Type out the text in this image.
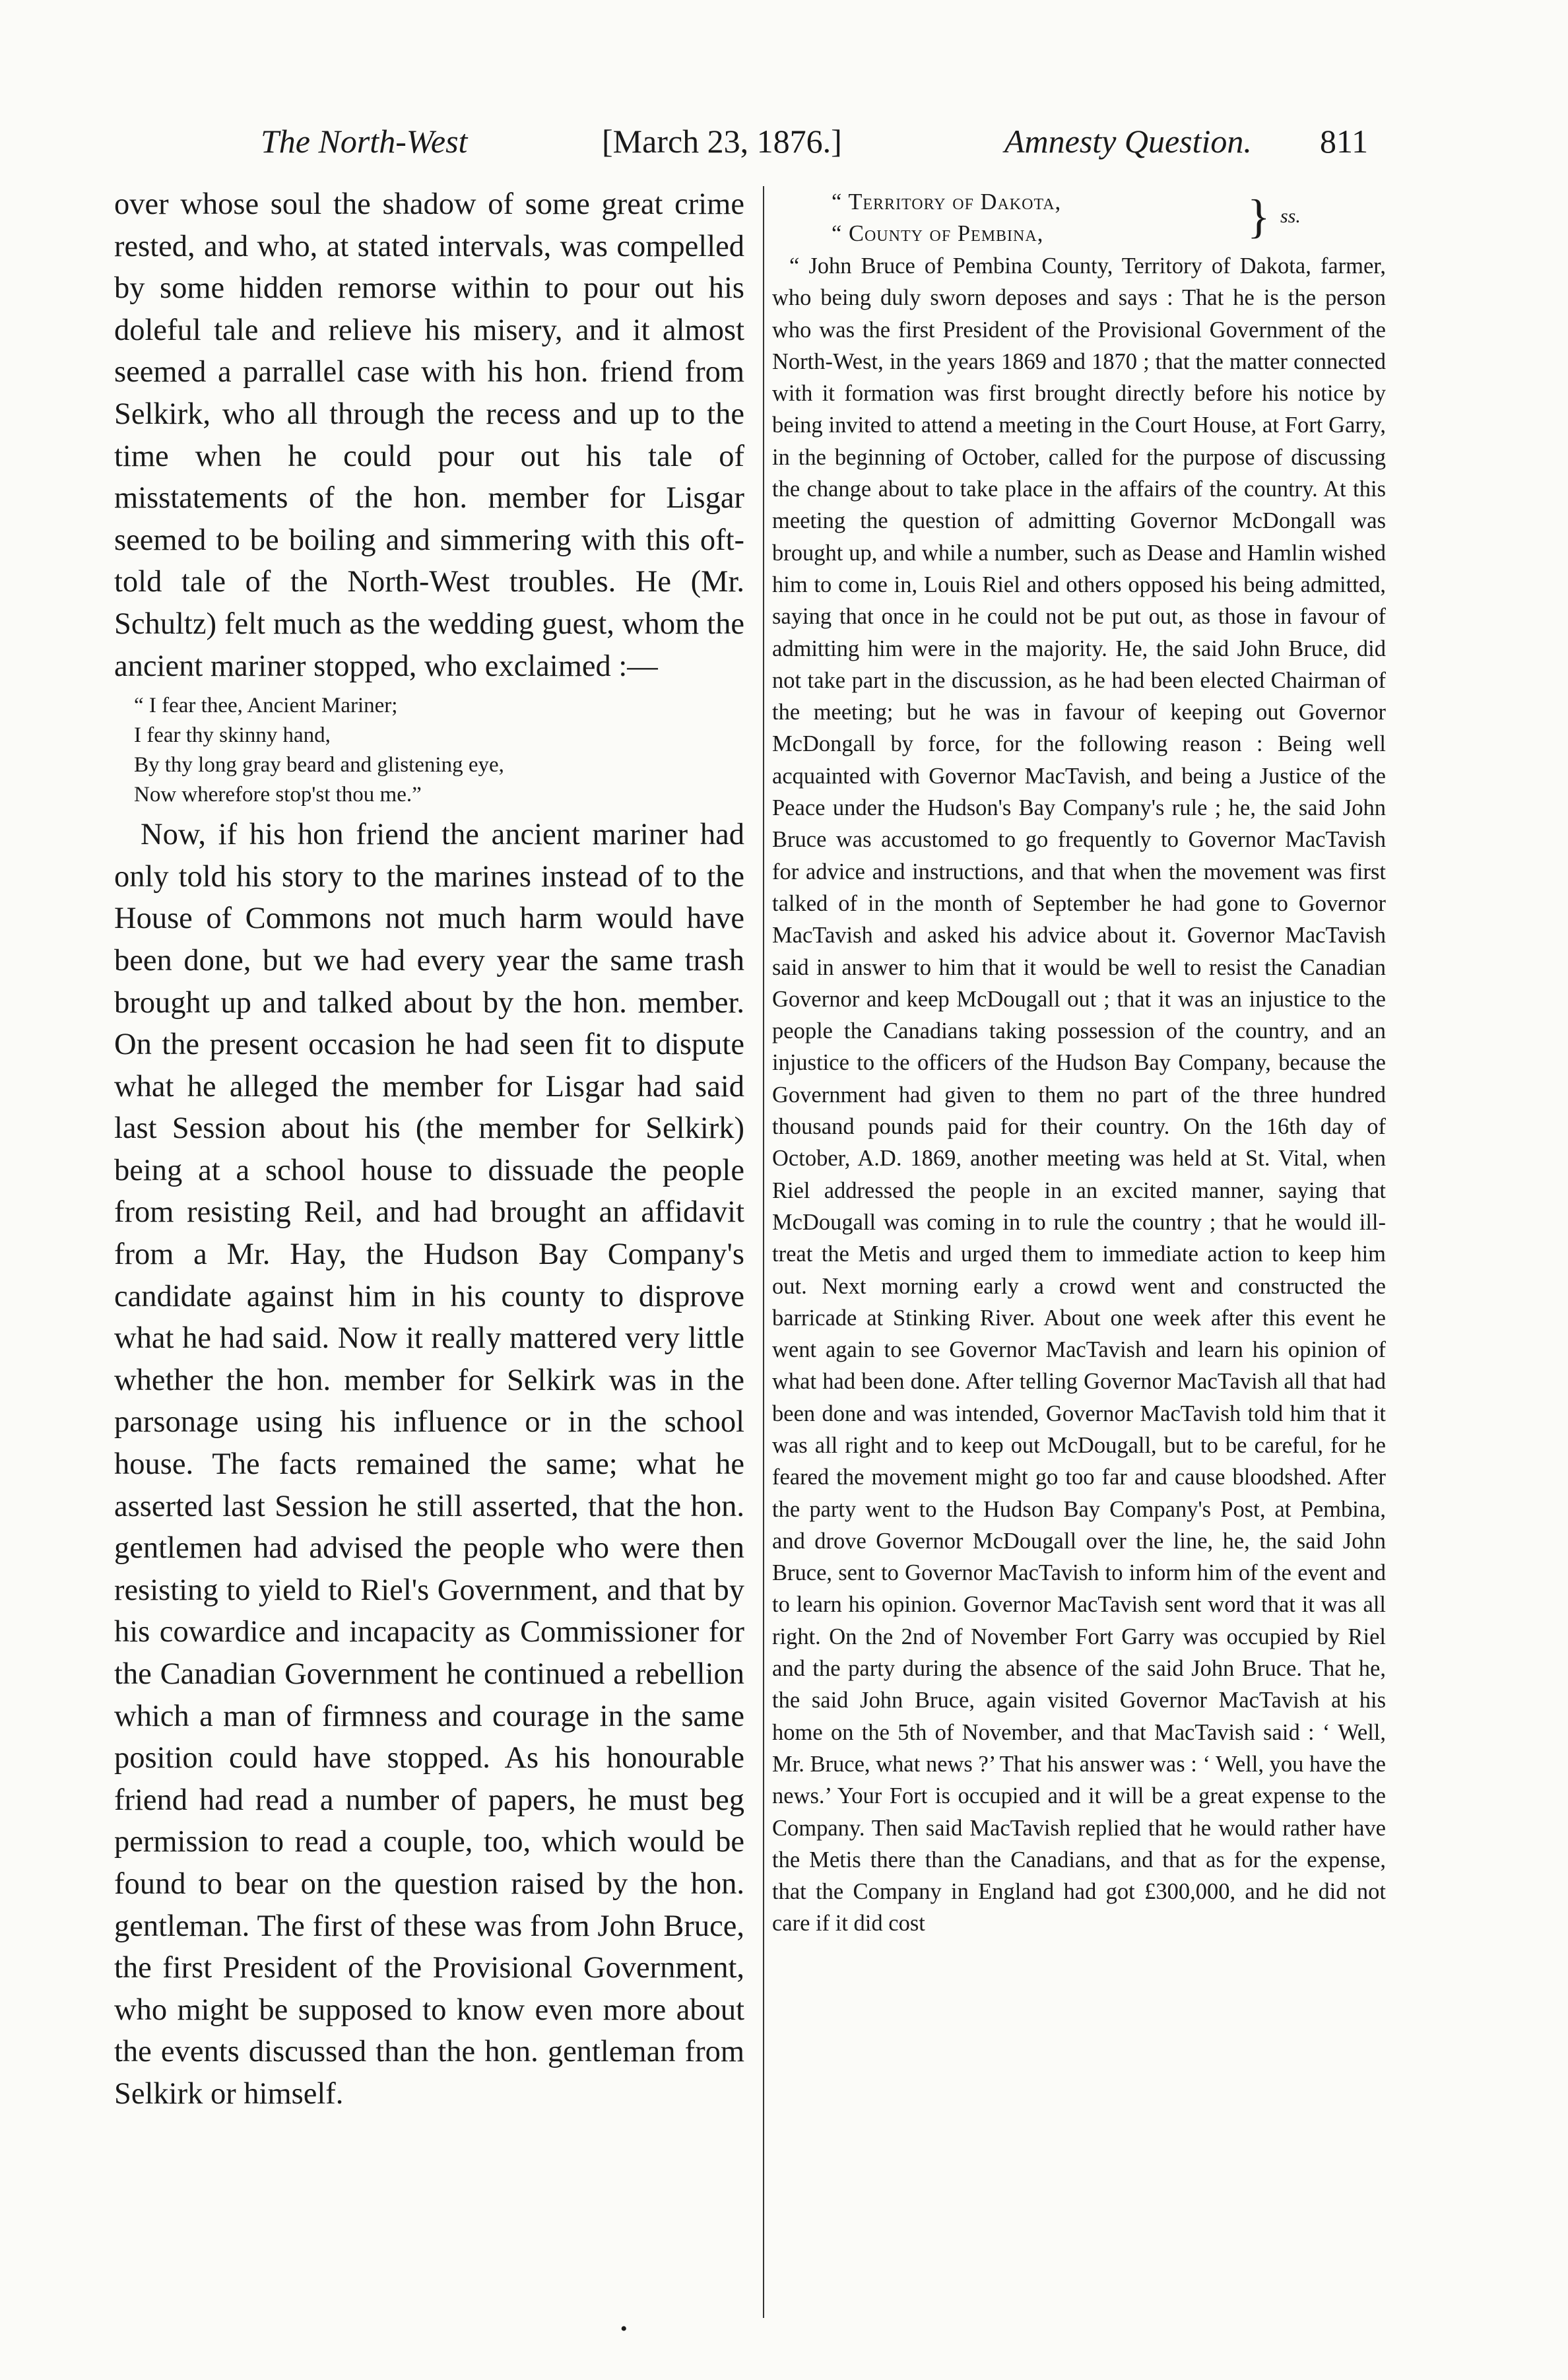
The North-West	[March 23, 1876.]	Amnesty Question. 811

over whose soul the shadow of some great crime rested, and who, at stated intervals, was compelled by some hidden remorse within to pour out his doleful tale and relieve his misery, and it almost seemed a parrallel case with his hon. friend from Selkirk, who all through the recess and up to the time when he could pour out his tale of misstatements of the hon. member for Lisgar seemed to be boiling and simmering with this oft-told tale of the North-West troubles. He (Mr. Schultz) felt much as the wedding guest, whom the ancient mariner stopped, who exclaimed :—

“ I fear thee, Ancient Mariner;
I fear thy skinny hand,
By thy long gray beard and glistening eye,
Now wherefore stop'st thou me.”

Now, if his hon friend the ancient mariner had only told his story to the marines instead of to the House of Commons not much harm would have been done, but we had every year the same trash brought up and talked about by the hon. member. On the present occasion he had seen fit to dispute what he alleged the member for Lisgar had said last Session about his (the member for Selkirk) being at a school house to dissuade the people from resisting Reil, and had brought an affidavit from a Mr. Hay, the Hudson Bay Company's candidate against him in his county to disprove what he had said. Now it really mattered very little whether the hon. member for Selkirk was in the parsonage using his influence or in the school house. The facts remained the same; what he asserted last Session he still asserted, that the hon. gentlemen had advised the people who were then resisting to yield to Riel's Government, and that by his cowardice and incapacity as Commissioner for the Canadian Government he continued a rebellion which a man of firmness and courage in the same position could have stopped. As his honourable friend had read a number of papers, he must beg permission to read a couple, too, which would be found to bear on the question raised by the hon. gentleman. The first of these was from John Bruce, the first President of the Provisional Government, who might be supposed to know even more about the events discussed than the hon. gentleman from Selkirk or himself.

“ Territory of Dakota,
“ County of Pembina,	} ss.

“ John Bruce of Pembina County, Territory of Dakota, farmer, who being duly sworn deposes and says : That he is the person who was the first President of the Provisional Government of the North-West, in the years 1869 and 1870 ; that the matter connected with it formation was first brought directly before his notice by being invited to attend a meeting in the Court House, at Fort Garry, in the beginning of October, called for the purpose of discussing the change about to take place in the affairs of the country. At this meeting the question of admitting Governor McDongall was brought up, and while a number, such as Dease and Hamlin wished him to come in, Louis Riel and others opposed his being admitted, saying that once in he could not be put out, as those in favour of admitting him were in the majority. He, the said John Bruce, did not take part in the discussion, as he had been elected Chairman of the meeting; but he was in favour of keeping out Governor McDongall by force, for the following reason : Being well acquainted with Governor MacTavish, and being a Justice of the Peace under the Hudson's Bay Company's rule ; he, the said John Bruce was accustomed to go frequently to Governor MacTavish for advice and instructions, and that when the movement was first talked of in the month of September he had gone to Governor MacTavish and asked his advice about it. Governor MacTavish said in answer to him that it would be well to resist the Canadian Governor and keep McDougall out ; that it was an injustice to the people the Canadians taking possession of the country, and an injustice to the officers of the Hudson Bay Company, because the Government had given to them no part of the three hundred thousand pounds paid for their country. On the 16th day of October, A.D. 1869, another meeting was held at St. Vital, when Riel addressed the people in an excited manner, saying that McDougall was coming in to rule the country ; that he would ill-treat the Metis and urged them to immediate action to keep him out. Next morning early a crowd went and constructed the barricade at Stinking River. About one week after this event he went again to see Governor MacTavish and learn his opinion of what had been done. After telling Governor MacTavish all that had been done and was intended, Governor MacTavish told him that it was all right and to keep out McDougall, but to be careful, for he feared the movement might go too far and cause bloodshed. After the party went to the Hudson Bay Company's Post, at Pembina, and drove Governor McDougall over the line, he, the said John Bruce, sent to Governor MacTavish to inform him of the event and to learn his opinion. Governor MacTavish sent word that it was all right. On the 2nd of November Fort Garry was occupied by Riel and the party during the absence of the said John Bruce. That he, the said John Bruce, again visited Governor MacTavish at his home on the 5th of November, and that MacTavish said : ‘ Well, Mr. Bruce, what news ?’ That his answer was : ‘ Well, you have the news.’ Your Fort is occupied and it will be a great expense to the Company. Then said MacTavish replied that he would rather have the Metis there than the Canadians, and that as for the expense, that the Company in England had got £300,000, and he did not care if it did cost

•
